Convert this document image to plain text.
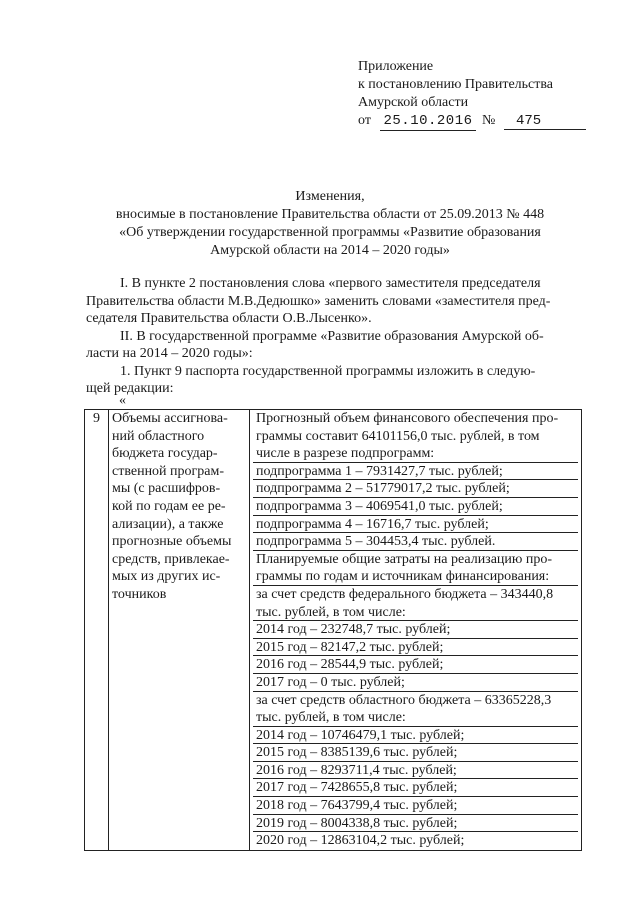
Приложение
к постановлению Правительства
Амурской области
от 25.10.2016 №	475
Изменения,
вносимые в постановление Правительства области от 25.09.2013 № 448
«Об утверждении государственной программы «Развитие образования
Амурской области на 2014 – 2020 годы»
I. В пункте 2 постановления слова «первого заместителя председателя
Правительства области М.В.Дедюшко» заменить словами «заместителя пред-
седателя Правительства области О.В.Лысенко».
II. В государственной программе «Развитие образования Амурской об-
ласти на 2014 – 2020 годы»:
1. Пункт 9 паспорта государственной программы изложить в следую-
щей редакции:
«
9	Объемы ассигнова-
ний областного
бюджета государ-
ственной програм-
мы (с расшифров-
кой по годам ее ре-
ализации), а также
прогнозные объемы
средств, привлекае-
мых из других ис-
точников

Прогнозный объем финансового обеспечения про-
граммы составит 64101156,0 тыс. рублей, в том
числе в разрезе подпрограмм:
подпрограмма 1 – 7931427,7 тыс. рублей;
подпрограмма 2 – 51779017,2 тыс. рублей;
подпрограмма 3 – 4069541,0 тыс. рублей;
подпрограмма 4 – 16716,7 тыс. рублей;
подпрограмма 5 – 304453,4 тыс. рублей.
Планируемые общие затраты на реализацию про-
граммы по годам и источникам финансирования:
за счет средств федерального бюджета – 343440,8
тыс. рублей, в том числе:
2014 год – 232748,7 тыс. рублей;
2015 год – 82147,2 тыс. рублей;
2016 год – 28544,9 тыс. рублей;
2017 год – 0 тыс. рублей;
за счет средств областного бюджета – 63365228,3
тыс. рублей, в том числе:
2014 год – 10746479,1 тыс. рублей;
2015 год – 8385139,6 тыс. рублей;
2016 год – 8293711,4 тыс. рублей;
2017 год – 7428655,8 тыс. рублей;
2018 год – 7643799,4 тыс. рублей;
2019 год – 8004338,8 тыс. рублей;
2020 год – 12863104,2 тыс. рублей;
